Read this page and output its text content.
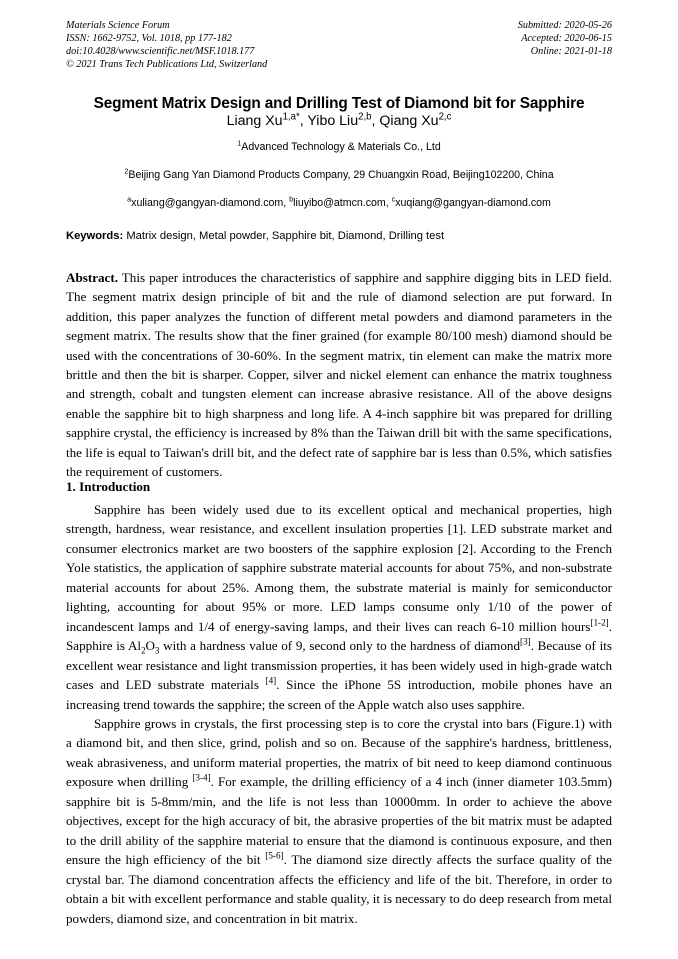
Materials Science Forum
ISSN: 1662-9752, Vol. 1018, pp 177-182
doi:10.4028/www.scientific.net/MSF.1018.177
© 2021 Trans Tech Publications Ltd, Switzerland
Submitted: 2020-05-26
Accepted: 2020-06-15
Online: 2021-01-18
Segment Matrix Design and Drilling Test of Diamond bit for Sapphire
Liang $Xu^{1,a*}$, Yibo Liu$^{2,b}$, Qiang Xu$^{2,c}$
$^1$Advanced Technology & Materials Co., Ltd
$^2$Beijing Gang Yan Diamond Products Company, 29 Chuangxin Road, Beijing102200, China
$^a$xuliang@gangyan-diamond.com, $^b$liuyibo@atmcn.com, $^c$xuqiang@gangyan-diamond.com
Keywords: Matrix design, Metal powder, Sapphire bit, Diamond, Drilling test
Abstract. This paper introduces the characteristics of sapphire and sapphire digging bits in LED field. The segment matrix design principle of bit and the rule of diamond selection are put forward. In addition, this paper analyzes the function of different metal powders and diamond parameters in the segment matrix. The results show that the finer grained (for example 80/100 mesh) diamond should be used with the concentrations of 30-60%. In the segment matrix, tin element can make the matrix more brittle and then the bit is sharper. Copper, silver and nickel element can enhance the matrix toughness and strength, cobalt and tungsten element can increase abrasive resistance. All of the above designs enable the sapphire bit to high sharpness and long life. A 4-inch sapphire bit was prepared for drilling sapphire crystal, the efficiency is increased by 8% than the Taiwan drill bit with the same specifications, the life is equal to Taiwan's drill bit, and the defect rate of sapphire bar is less than 0.5%, which satisfies the requirement of customers.
1. Introduction

Sapphire has been widely used due to its excellent optical and mechanical properties, high strength, hardness, wear resistance, and excellent insulation properties [1]. LED substrate market and consumer electronics market are two boosters of the sapphire explosion [2]. According to the French Yole statistics, the application of sapphire substrate material accounts for about 75%, and non-substrate material accounts for about 25%. Among them, the substrate material is mainly for semiconductor lighting, accounting for about 95% or more. LED lamps consume only 1/10 of the power of incandescent lamps and 1/4 of energy-saving lamps, and their lives can reach 6-10 million hours[1-2]. Sapphire is $Al_2O_3$ with a hardness value of 9, second only to the hardness of diamond[3]. Because of its excellent wear resistance and light transmission properties, it has been widely used in high-grade watch cases and LED substrate materials [4]. Since the iPhone 5S introduction, mobile phones have an increasing trend towards the sapphire; the screen of the Apple watch also uses sapphire.

Sapphire grows in crystals, the first processing step is to core the crystal into bars (Figure.1) with a diamond bit, and then slice, grind, polish and so on. Because of the sapphire's hardness, brittleness, weak abrasiveness, and uniform material properties, the matrix of bit need to keep diamond continuous exposure when drilling [3-4]. For example, the drilling efficiency of a 4 inch (inner diameter 103.5mm) sapphire bit is 5-8mm/min, and the life is not less than 10000mm. In order to achieve the above objectives, except for the high accuracy of bit, the abrasive properties of the bit matrix must be adapted to the drill ability of the sapphire material to ensure that the diamond is continuous exposure, and then ensure the high efficiency of the bit [5-6]. The diamond size directly affects the surface quality of the crystal bar. The diamond concentration affects the efficiency and life of the bit. Therefore, in order to obtain a bit with excellent performance and stable quality, it is necessary to do deep research from metal powders, diamond size, and concentration in bit matrix.
